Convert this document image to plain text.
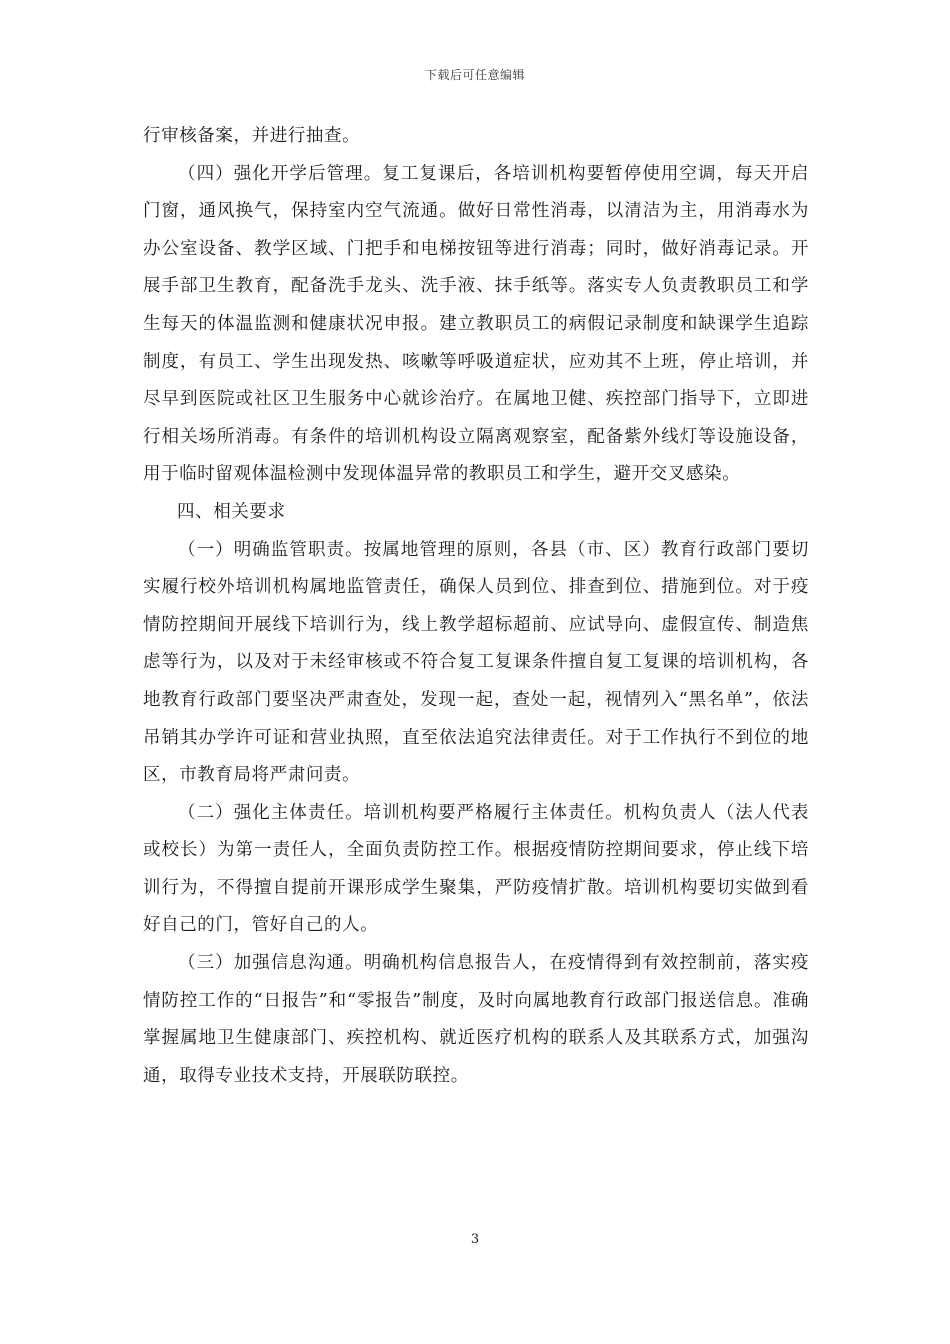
下载后可任意编辑

行审核备案，并进行抽查。

（四）强化开学后管理。复工复课后，各培训机构要暂停使用空调，每天开启门窗，通风换气，保持室内空气流通。做好日常性消毒，以清洁为主，用消毒水为办公室设备、教学区域、门把手和电梯按钮等进行消毒；同时，做好消毒记录。开展手部卫生教育，配备洗手龙头、洗手液、抹手纸等。落实专人负责教职员工和学生每天的体温监测和健康状况申报。建立教职员工的病假记录制度和缺课学生追踪制度，有员工、学生出现发热、咳嗽等呼吸道症状，应劝其不上班，停止培训，并尽早到医院或社区卫生服务中心就诊治疗。在属地卫健、疾控部门指导下，立即进行相关场所消毒。有条件的培训机构设立隔离观察室，配备紫外线灯等设施设备，用于临时留观体温检测中发现体温异常的教职员工和学生，避开交叉感染。

四、相关要求

（一）明确监管职责。按属地管理的原则，各县（市、区）教育行政部门要切实履行校外培训机构属地监管责任，确保人员到位、排查到位、措施到位。对于疫情防控期间开展线下培训行为，线上教学超标超前、应试导向、虚假宣传、制造焦虑等行为，以及对于未经审核或不符合复工复课条件擅自复工复课的培训机构，各地教育行政部门要坚决严肃查处，发现一起，查处一起，视情列入“黑名单”，依法吊销其办学许可证和营业执照，直至依法追究法律责任。对于工作执行不到位的地区，市教育局将严肃问责。

（二）强化主体责任。培训机构要严格履行主体责任。机构负责人（法人代表或校长）为第一责任人，全面负责防控工作。根据疫情防控期间要求，停止线下培训行为，不得擅自提前开课形成学生聚集，严防疫情扩散。培训机构要切实做到看好自己的门，管好自己的人。

（三）加强信息沟通。明确机构信息报告人，在疫情得到有效控制前，落实疫情防控工作的“日报告”和“零报告”制度，及时向属地教育行政部门报送信息。准确掌握属地卫生健康部门、疾控机构、就近医疗机构的联系人及其联系方式，加强沟通，取得专业技术支持，开展联防联控。

3
